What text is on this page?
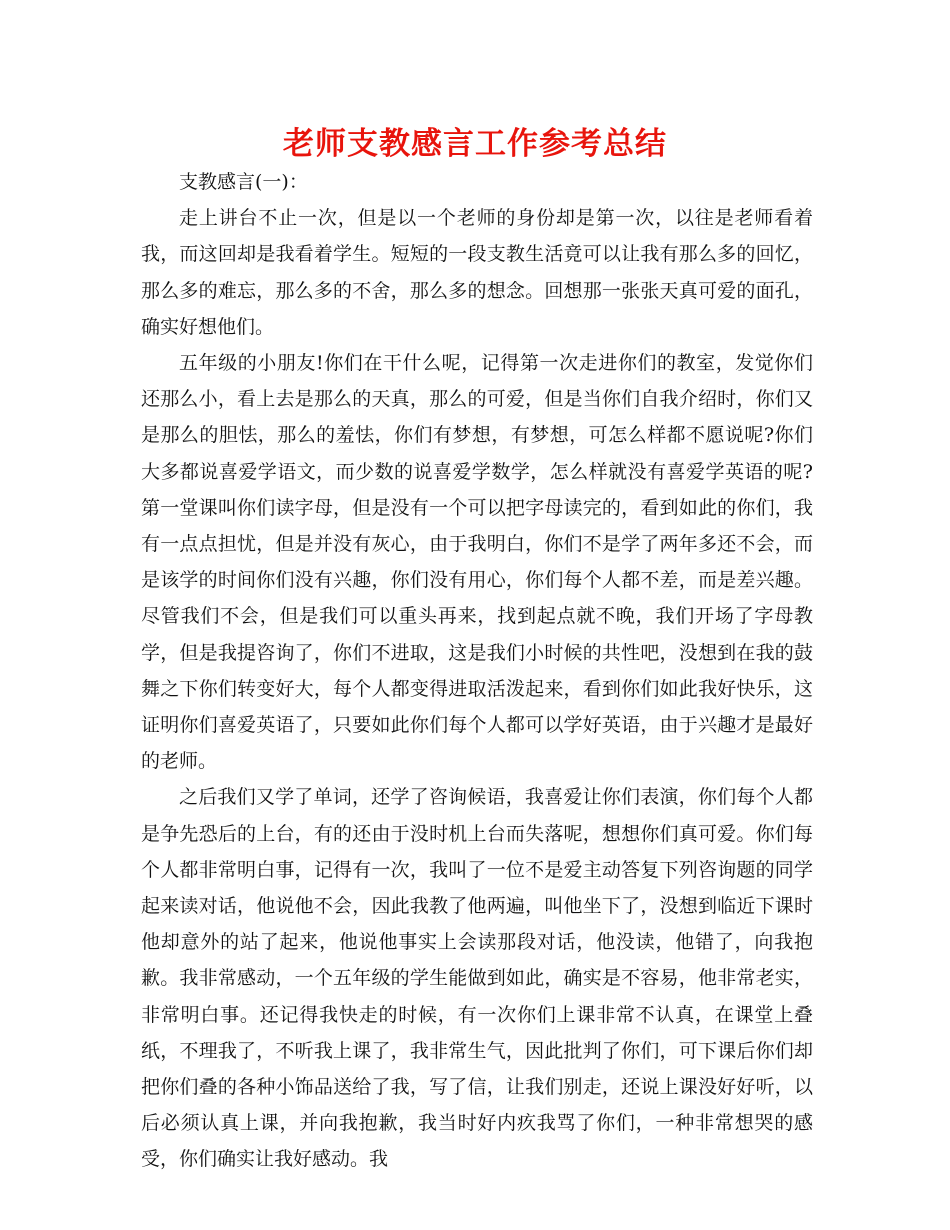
老师支教感言工作参考总结

支教感言(一)：

走上讲台不止一次，但是以一个老师的身份却是第一次，以往是老师看着我，而这回却是我看着学生。短短的一段支教生活竟可以让我有那么多的回忆，那么多的难忘，那么多的不舍，那么多的想念。回想那一张张天真可爱的面孔，确实好想他们。

五年级的小朋友!你们在干什么呢，记得第一次走进你们的教室，发觉你们还那么小，看上去是那么的天真，那么的可爱，但是当你们自我介绍时，你们又是那么的胆怯，那么的羞怯，你们有梦想，有梦想，可怎么样都不愿说呢?你们大多都说喜爱学语文，而少数的说喜爱学数学，怎么样就没有喜爱学英语的呢?第一堂课叫你们读字母，但是没有一个可以把字母读完的，看到如此的你们，我有一点点担忧，但是并没有灰心，由于我明白，你们不是学了两年多还不会，而是该学的时间你们没有兴趣，你们没有用心，你们每个人都不差，而是差兴趣。尽管我们不会，但是我们可以重头再来，找到起点就不晚，我们开场了字母教学，但是我提咨询了，你们不进取，这是我们小时候的共性吧，没想到在我的鼓舞之下你们转变好大，每个人都变得进取活泼起来，看到你们如此我好快乐，这证明你们喜爱英语了，只要如此你们每个人都可以学好英语，由于兴趣才是最好的老师。

之后我们又学了单词，还学了咨询候语，我喜爱让你们表演，你们每个人都是争先恐后的上台，有的还由于没时机上台而失落呢，想想你们真可爱。你们每个人都非常明白事，记得有一次，我叫了一位不是爱主动答复下列咨询题的同学起来读对话，他说他不会，因此我教了他两遍，叫他坐下了，没想到临近下课时他却意外的站了起来，他说他事实上会读那段对话，他没读，他错了，向我抱歉。我非常感动，一个五年级的学生能做到如此，确实是不容易，他非常老实，非常明白事。还记得我快走的时候，有一次你们上课非常不认真，在课堂上叠纸，不理我了，不听我上课了，我非常生气，因此批判了你们，可下课后你们却把你们叠的各种小饰品送给了我，写了信，让我们别走，还说上课没好好听，以后必须认真上课，并向我抱歉，我当时好内疚我骂了你们，一种非常想哭的感受，你们确实让我好感动。我
